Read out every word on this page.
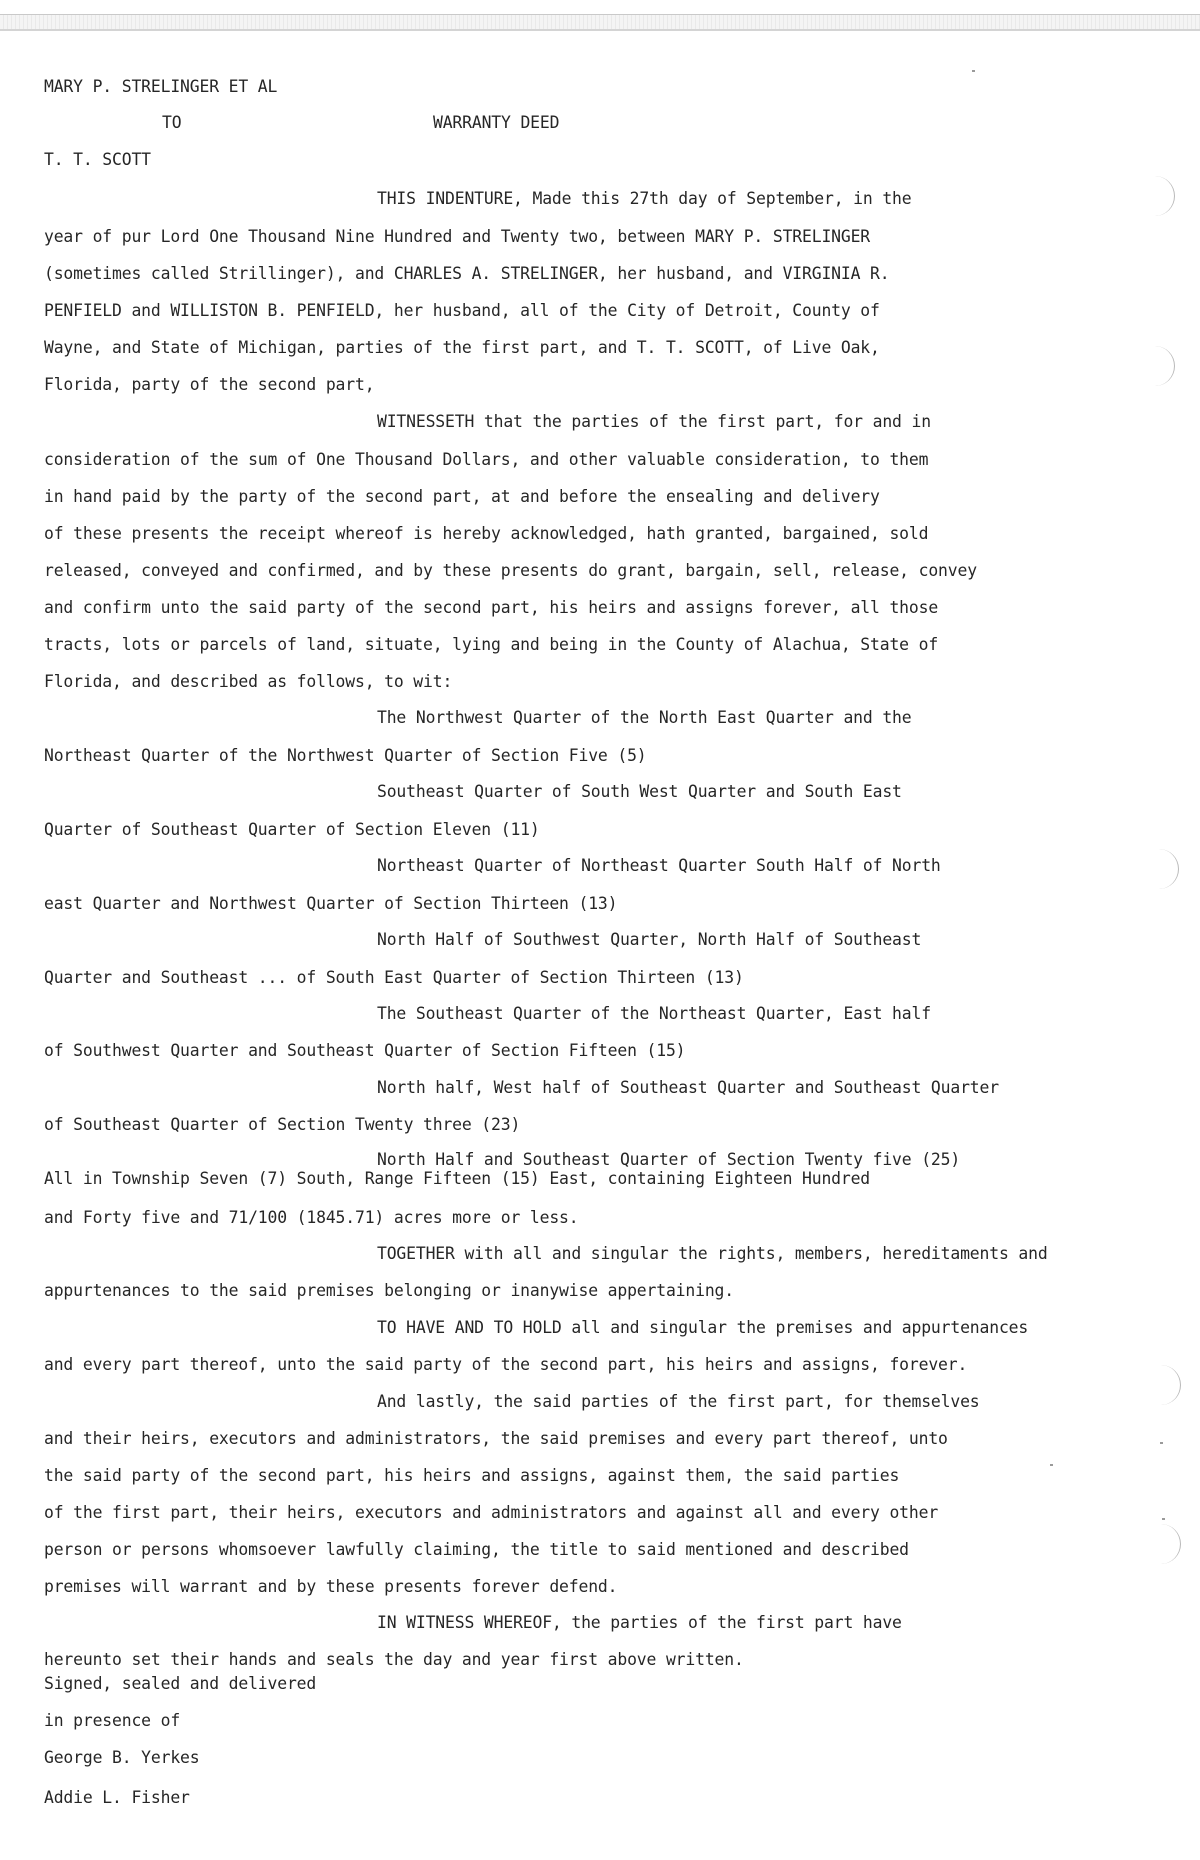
MARY P. STRELINGER ET AL

TO	WARRANTY DEED

T. T. SCOTT

THIS INDENTURE, Made this 27th day of September, in the

year of pur Lord One Thousand Nine Hundred and Twenty two, between MARY P. STRELINGER

(sometimes called Strillinger), and CHARLES A. STRELINGER, her husband, and VIRGINIA R.

PENFIELD and WILLISTON B. PENFIELD, her husband, all of the City of Detroit, County of

Wayne, and State of Michigan, parties of the first part, and T. T. SCOTT, of Live Oak,

Florida, party of the second part,

WITNESSETH that the parties of the first part, for and in

consideration of the sum of One Thousand Dollars, and other valuable consideration, to them

in hand paid by the party of the second part, at and before the ensealing and delivery

of these presents the receipt whereof is hereby acknowledged, hath granted, bargained, sold

released, conveyed and confirmed, and by these presents do grant, bargain, sell, release, convey

and confirm unto the said party of the second part, his heirs and assigns forever, all those

tracts, lots or parcels of land, situate, lying and being in the County of Alachua, State of

Florida, and described as follows, to wit:

The Northwest Quarter of the North East Quarter and the

Northeast Quarter of the Northwest Quarter of Section Five (5)

Southeast Quarter of South West Quarter and South East

Quarter of Southeast Quarter of Section Eleven (11)

Northeast Quarter of Northeast Quarter South Half of North

east Quarter and Northwest Quarter of Section Thirteen (13)

North Half of Southwest Quarter, North Half of Southeast

Quarter and Southeast ... of South East Quarter of Section Thirteen (13)

The Southeast Quarter of the Northeast Quarter, East half

of Southwest Quarter and Southeast Quarter of Section Fifteen (15)

North half, West half of Southeast Quarter and Southeast Quarter

of Southeast Quarter of Section Twenty three (23)

North Half and Southeast Quarter of Section Twenty five (25)

All in Township Seven (7) South, Range Fifteen (15) East, containing Eighteen Hundred

and Forty five and 71/100 (1845.71) acres more or less.

TOGETHER with all and singular the rights, members, hereditaments and

appurtenances to the said premises belonging or inanywise appertaining.

TO HAVE AND TO HOLD all and singular the premises and appurtenances

and every part thereof, unto the said party of the second part, his heirs and assigns, forever.

And lastly, the said parties of the first part, for themselves

and their heirs, executors and administrators, the said premises and every part thereof, unto

the said party of the second part, his heirs and assigns, against them, the said parties

of the first part, their heirs, executors and administrators and against all and every other

person or persons whomsoever lawfully claiming, the title to said mentioned and described

premises will warrant and by these presents forever defend.

IN WITNESS WHEREOF, the parties of the first part have

hereunto set their hands and seals the day and year first above written.

Signed, sealed and delivered

in presence of

George B. Yerkes

Addie L. Fisher
